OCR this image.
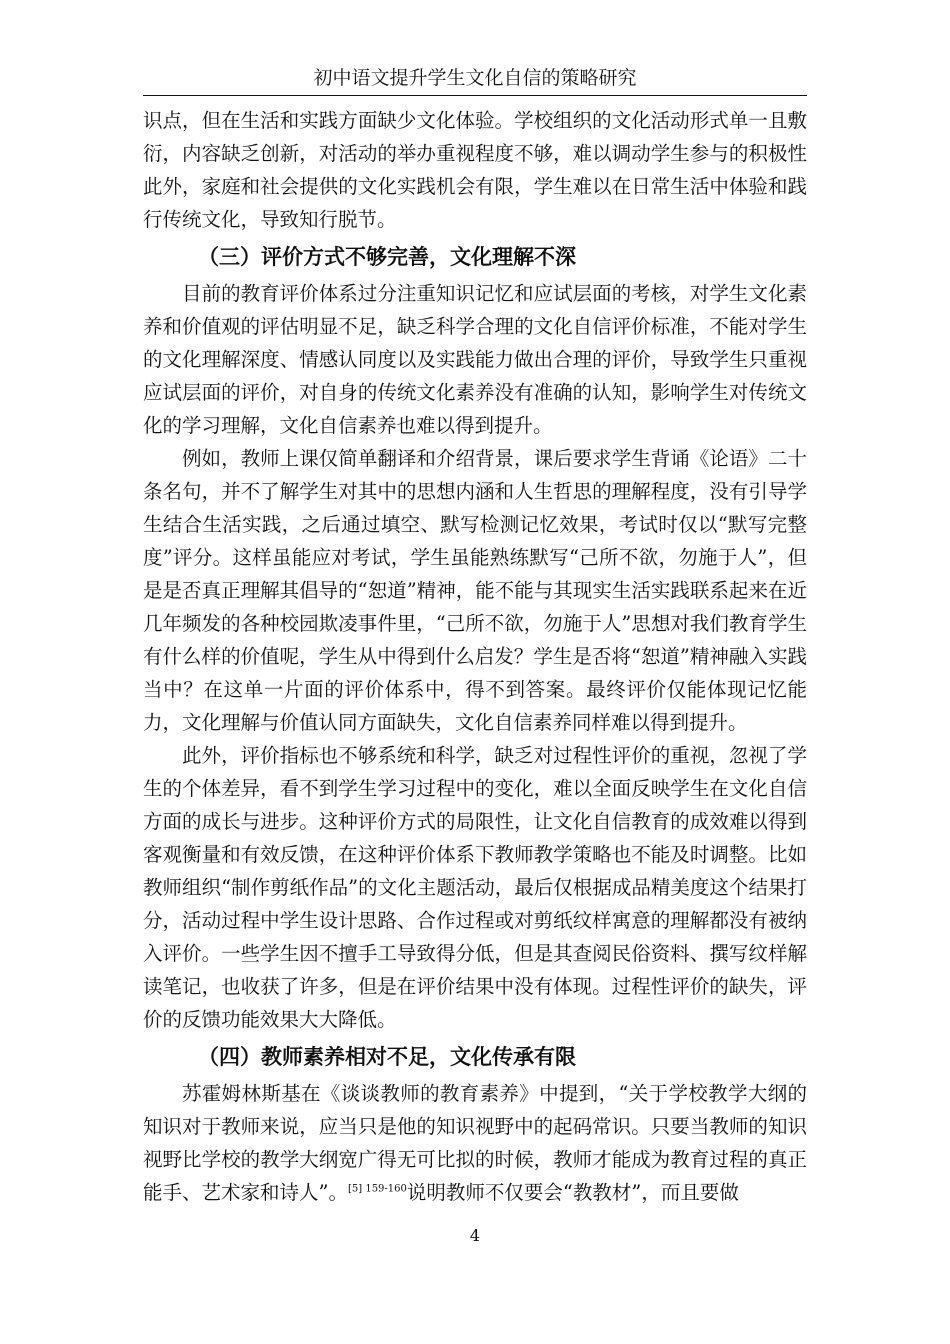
初中语文提升学生文化自信的策略研究

识点，但在生活和实践方面缺少文化体验。学校组织的文化活动形式单一且敷衍，内容缺乏创新，对活动的举办重视程度不够，难以调动学生参与的积极性此外，家庭和社会提供的文化实践机会有限，学生难以在日常生活中体验和践行传统文化，导致知行脱节。

（三）评价方式不够完善，文化理解不深

目前的教育评价体系过分注重知识记忆和应试层面的考核，对学生文化素养和价值观的评估明显不足，缺乏科学合理的文化自信评价标准，不能对学生的文化理解深度、情感认同度以及实践能力做出合理的评价，导致学生只重视应试层面的评价，对自身的传统文化素养没有准确的认知，影响学生对传统文化的学习理解，文化自信素养也难以得到提升。

例如，教师上课仅简单翻译和介绍背景，课后要求学生背诵《论语》二十条名句，并不了解学生对其中的思想内涵和人生哲思的理解程度，没有引导学生结合生活实践，之后通过填空、默写检测记忆效果，考试时仅以“默写完整度”评分。这样虽能应对考试，学生虽能熟练默写“己所不欲，勿施于人”，但是是否真正理解其倡导的“恕道”精神，能不能与其现实生活实践联系起来在近几年频发的各种校园欺凌事件里，“己所不欲，勿施于人”思想对我们教育学生有什么样的价值呢，学生从中得到什么启发？学生是否将“恕道”精神融入实践当中？在这单一片面的评价体系中，得不到答案。最终评价仅能体现记忆能力，文化理解与价值认同方面缺失，文化自信素养同样难以得到提升。

此外，评价指标也不够系统和科学，缺乏对过程性评价的重视，忽视了学生的个体差异，看不到学生学习过程中的变化，难以全面反映学生在文化自信方面的成长与进步。这种评价方式的局限性，让文化自信教育的成效难以得到客观衡量和有效反馈，在这种评价体系下教师教学策略也不能及时调整。比如教师组织“制作剪纸作品”的文化主题活动，最后仅根据成品精美度这个结果打分，活动过程中学生设计思路、合作过程或对剪纸纹样寓意的理解都没有被纳入评价。一些学生因不擅手工导致得分低，但是其查阅民俗资料、撰写纹样解读笔记，也收获了许多，但是在评价结果中没有体现。过程性评价的缺失，评价的反馈功能效果大大降低。

（四）教师素养相对不足，文化传承有限

苏霍姆林斯基在《谈谈教师的教育素养》中提到，“关于学校教学大纲的知识对于教师来说，应当只是他的知识视野中的起码常识。只要当教师的知识视野比学校的教学大纲宽广得无可比拟的时候，教师才能成为教育过程的真正能手、艺术家和诗人”。$^{[5] 159-160}$说明教师不仅要会“教教材”，而且要做

4
